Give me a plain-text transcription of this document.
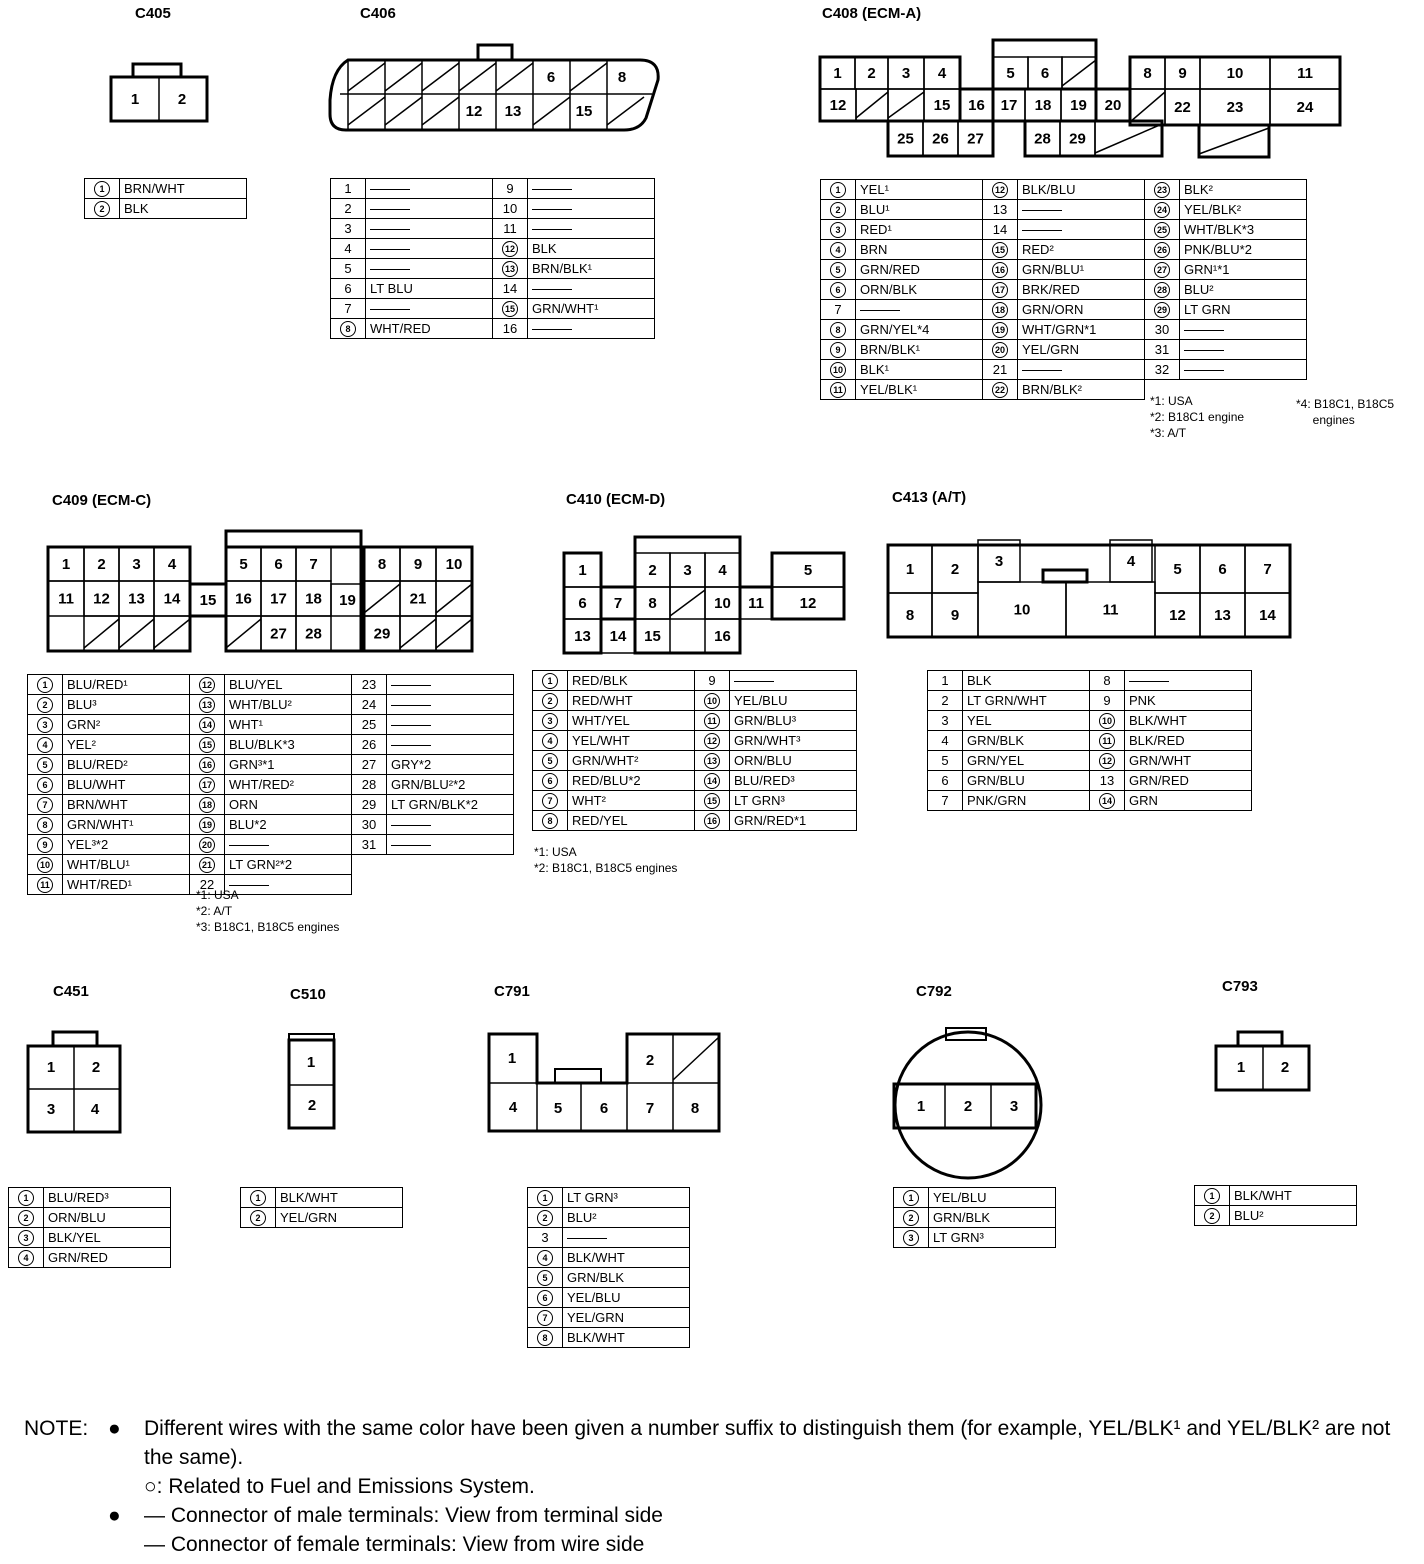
C405	C406	C408 (ECM-A)
C409 (ECM-C)	C410 (ECM-D)	C413 (A/T)
C451	C510	C791	C792	C793
1	2
6	8
12 13	15
1 2 3 4	5 6	8 9	10	11
12	15 16 17 18 19 20	22 23	24
25 26 27	28 29
1 2 3 4	5 6 7	8 9 10
11 12 13 14 15 16 17 18 19	21
27 28	29
1	2 3 4	5
6 7 8	10 11 12
13 14 15	16
1 2 3	4	5 6 7
8 9	10	11	12 13 14
1 2
3 4
1
2
1	2
4 5	6	7 8	1	2	3
1 2
1	BRN/WHT
2	BLK
1		9	
2		10	
3		11	
4		12	BLK
5		13	BRN/BLK¹
6	LT BLU	14	
7		15	GRN/WHT¹
8	WHT/RED	16	
1	YEL¹	12	BLK/BLU	23	BLK²
2	BLU¹	13		24	YEL/BLK²
3	RED¹	14		25	WHT/BLK*3
4	BRN	15	RED²	26	PNK/BLU*2
5	GRN/RED	16	GRN/BLU¹	27	GRN¹*1
6	ORN/BLK	17	BRK/RED	28	BLU²
7		18	GRN/ORN	29	LT GRN
8	GRN/YEL*4	19	WHT/GRN*1	30	
9	BRN/BLK¹	20	YEL/GRN	31	
10	BLK¹	21		32	
11	YEL/BLK¹	22	BRN/BLK²		
1	BLU/RED¹	12	BLU/YEL	23	
2	BLU³	13	WHT/BLU²	24	
3	GRN²	14	WHT¹	25	
4	YEL²	15	BLU/BLK*3	26	
5	BLU/RED²	16	GRN³*1	27	GRY*2
6	BLU/WHT	17	WHT/RED²	28	GRN/BLU²*2
7	BRN/WHT	18	ORN	29	LT GRN/BLK*2
8	GRN/WHT¹	19	BLU*2	30	
9	YEL³*2	20		31	
10	WHT/BLU¹	21	LT GRN²*2		
11	WHT/RED¹	22			
1	RED/BLK	9	
2	RED/WHT	10	YEL/BLU
3	WHT/YEL	11	GRN/BLU³
4	YEL/WHT	12	GRN/WHT³
5	GRN/WHT²	13	ORN/BLU
6	RED/BLU*2	14	BLU/RED³
7	WHT²	15	LT GRN³
8	RED/YEL	16	GRN/RED*1
1	BLK	8	
2	LT GRN/WHT	9	PNK
3	YEL	10	BLK/WHT
4	GRN/BLK	11	BLK/RED
5	GRN/YEL	12	GRN/WHT
6	GRN/BLU	13	GRN/RED
7	PNK/GRN	14	GRN
1	BLU/RED³
2	ORN/BLU
3	BLK/YEL
4	GRN/RED
1	BLK/WHT
2	YEL/GRN
1	LT GRN³
2	BLU²
3	
4	BLK/WHT
5	GRN/BLK
6	YEL/BLU
7	YEL/GRN
8	BLK/WHT
1	YEL/BLU
2	GRN/BLK
3	LT GRN³
1	BLK/WHT
2	BLU²
*1: USA
*2: B18C1 engine
*3: A/T
*4: B18C1, B18C5
engines
*1: USA
*2: A/T
*3: B18C1, B18C5 engines
*1: USA
*2: B18C1, B18C5 engines
NOTE: ● Different wires with the same color have been given a number suffix to distinguish them (for example, YEL/BLK¹ and YEL/BLK² are not the same).
○: Related to Fuel and Emissions System.
● — Connector of male terminals: View from terminal side
— Connector of female terminals: View from wire side
